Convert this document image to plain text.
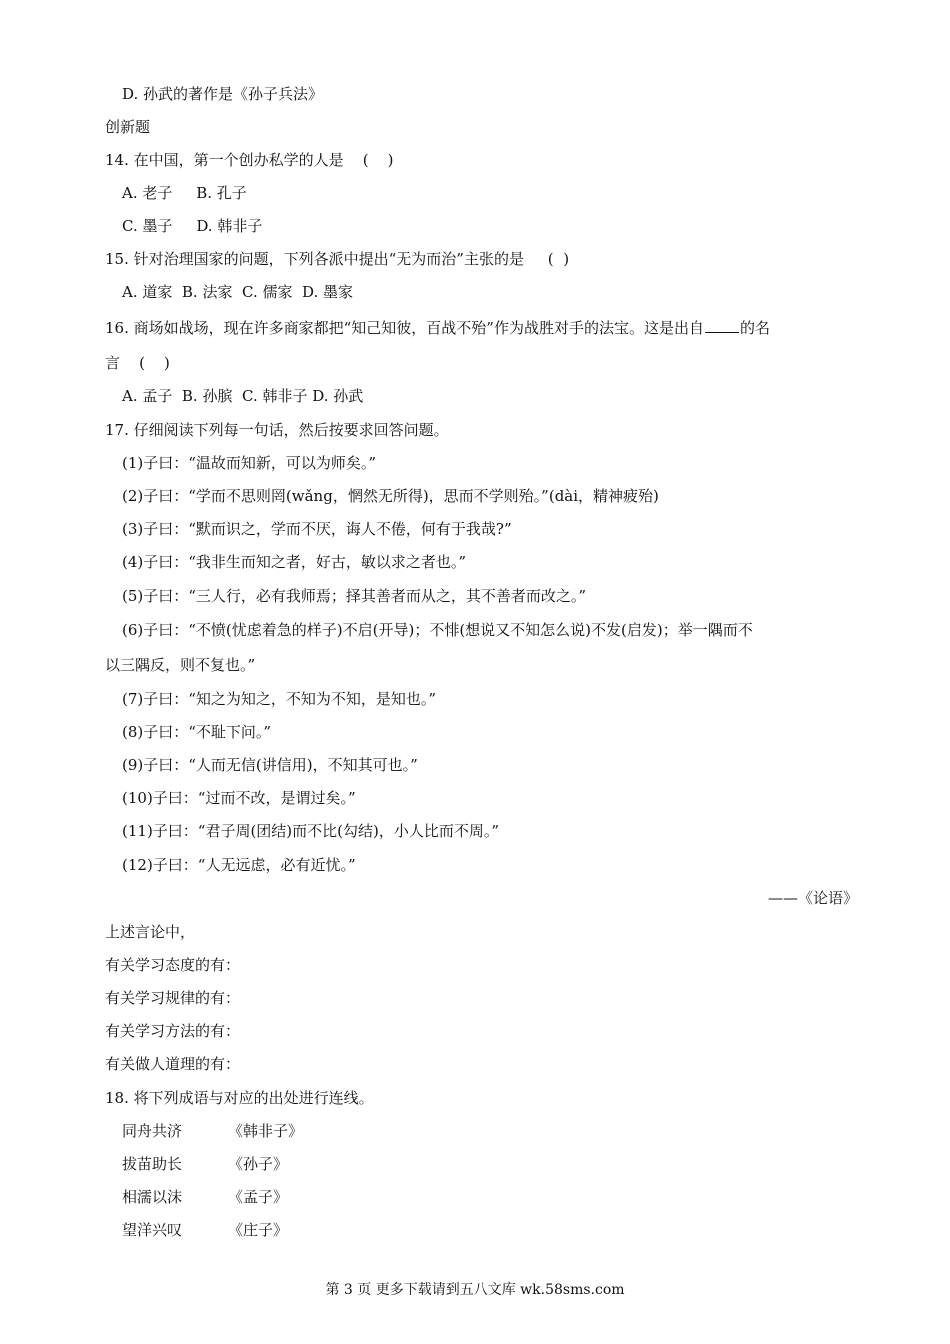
D. 孙武的著作是《孙子兵法》
创新题
14. 在中国，第一个创办私学的人是    (    )
A. 老子     B. 孔子
C. 墨子     D. 韩非子
15. 针对治理国家的问题，下列各派中提出“无为而治”主张的是     (  )
A. 道家  B. 法家  C. 儒家  D. 墨家
16. 商场如战场，现在许多商家都把“知己知彼，百战不殆”作为战胜对手的法宝。这是出自 的名
言    (    )
A. 孟子  B. 孙膑  C. 韩非子 D. 孙武
17. 仔细阅读下列每一句话，然后按要求回答问题。
(1)子曰：“温故而知新，可以为师矣。”
(2)子曰：“学而不思则罔(wǎng，惘然无所得)，思而不学则殆。”(dài，精神疲殆)
(3)子曰：“默而识之，学而不厌，诲人不倦，何有于我哉?”
(4)子曰：“我非生而知之者，好古，敏以求之者也。”
(5)子曰：“三人行，必有我师焉；择其善者而从之，其不善者而改之。”
(6)子曰：“不愤(忧虑着急的样子)不启(开导)；不悱(想说又不知怎么说)不发(启发)；举一隅而不
以三隅反，则不复也。”
(7)子曰：“知之为知之，不知为不知，是知也。”
(8)子曰：“不耻下问。”
(9)子曰：“人而无信(讲信用)，不知其可也。”
(10)子曰：“过而不改，是谓过矣。”
(11)子曰：“君子周(团结)而不比(勾结)，小人比而不周。”
(12)子曰：“人无远虑，必有近忧。”
——《论语》
上述言论中，
有关学习态度的有：
有关学习规律的有：
有关学习方法的有：
有关做人道理的有：
18. 将下列成语与对应的出处进行连线。
同舟共济	《韩非子》
拔苗助长	《孙子》
相濡以沫	《孟子》
望洋兴叹	《庄子》
第 3 页 更多下载请到五八文库 wk.58sms.com
